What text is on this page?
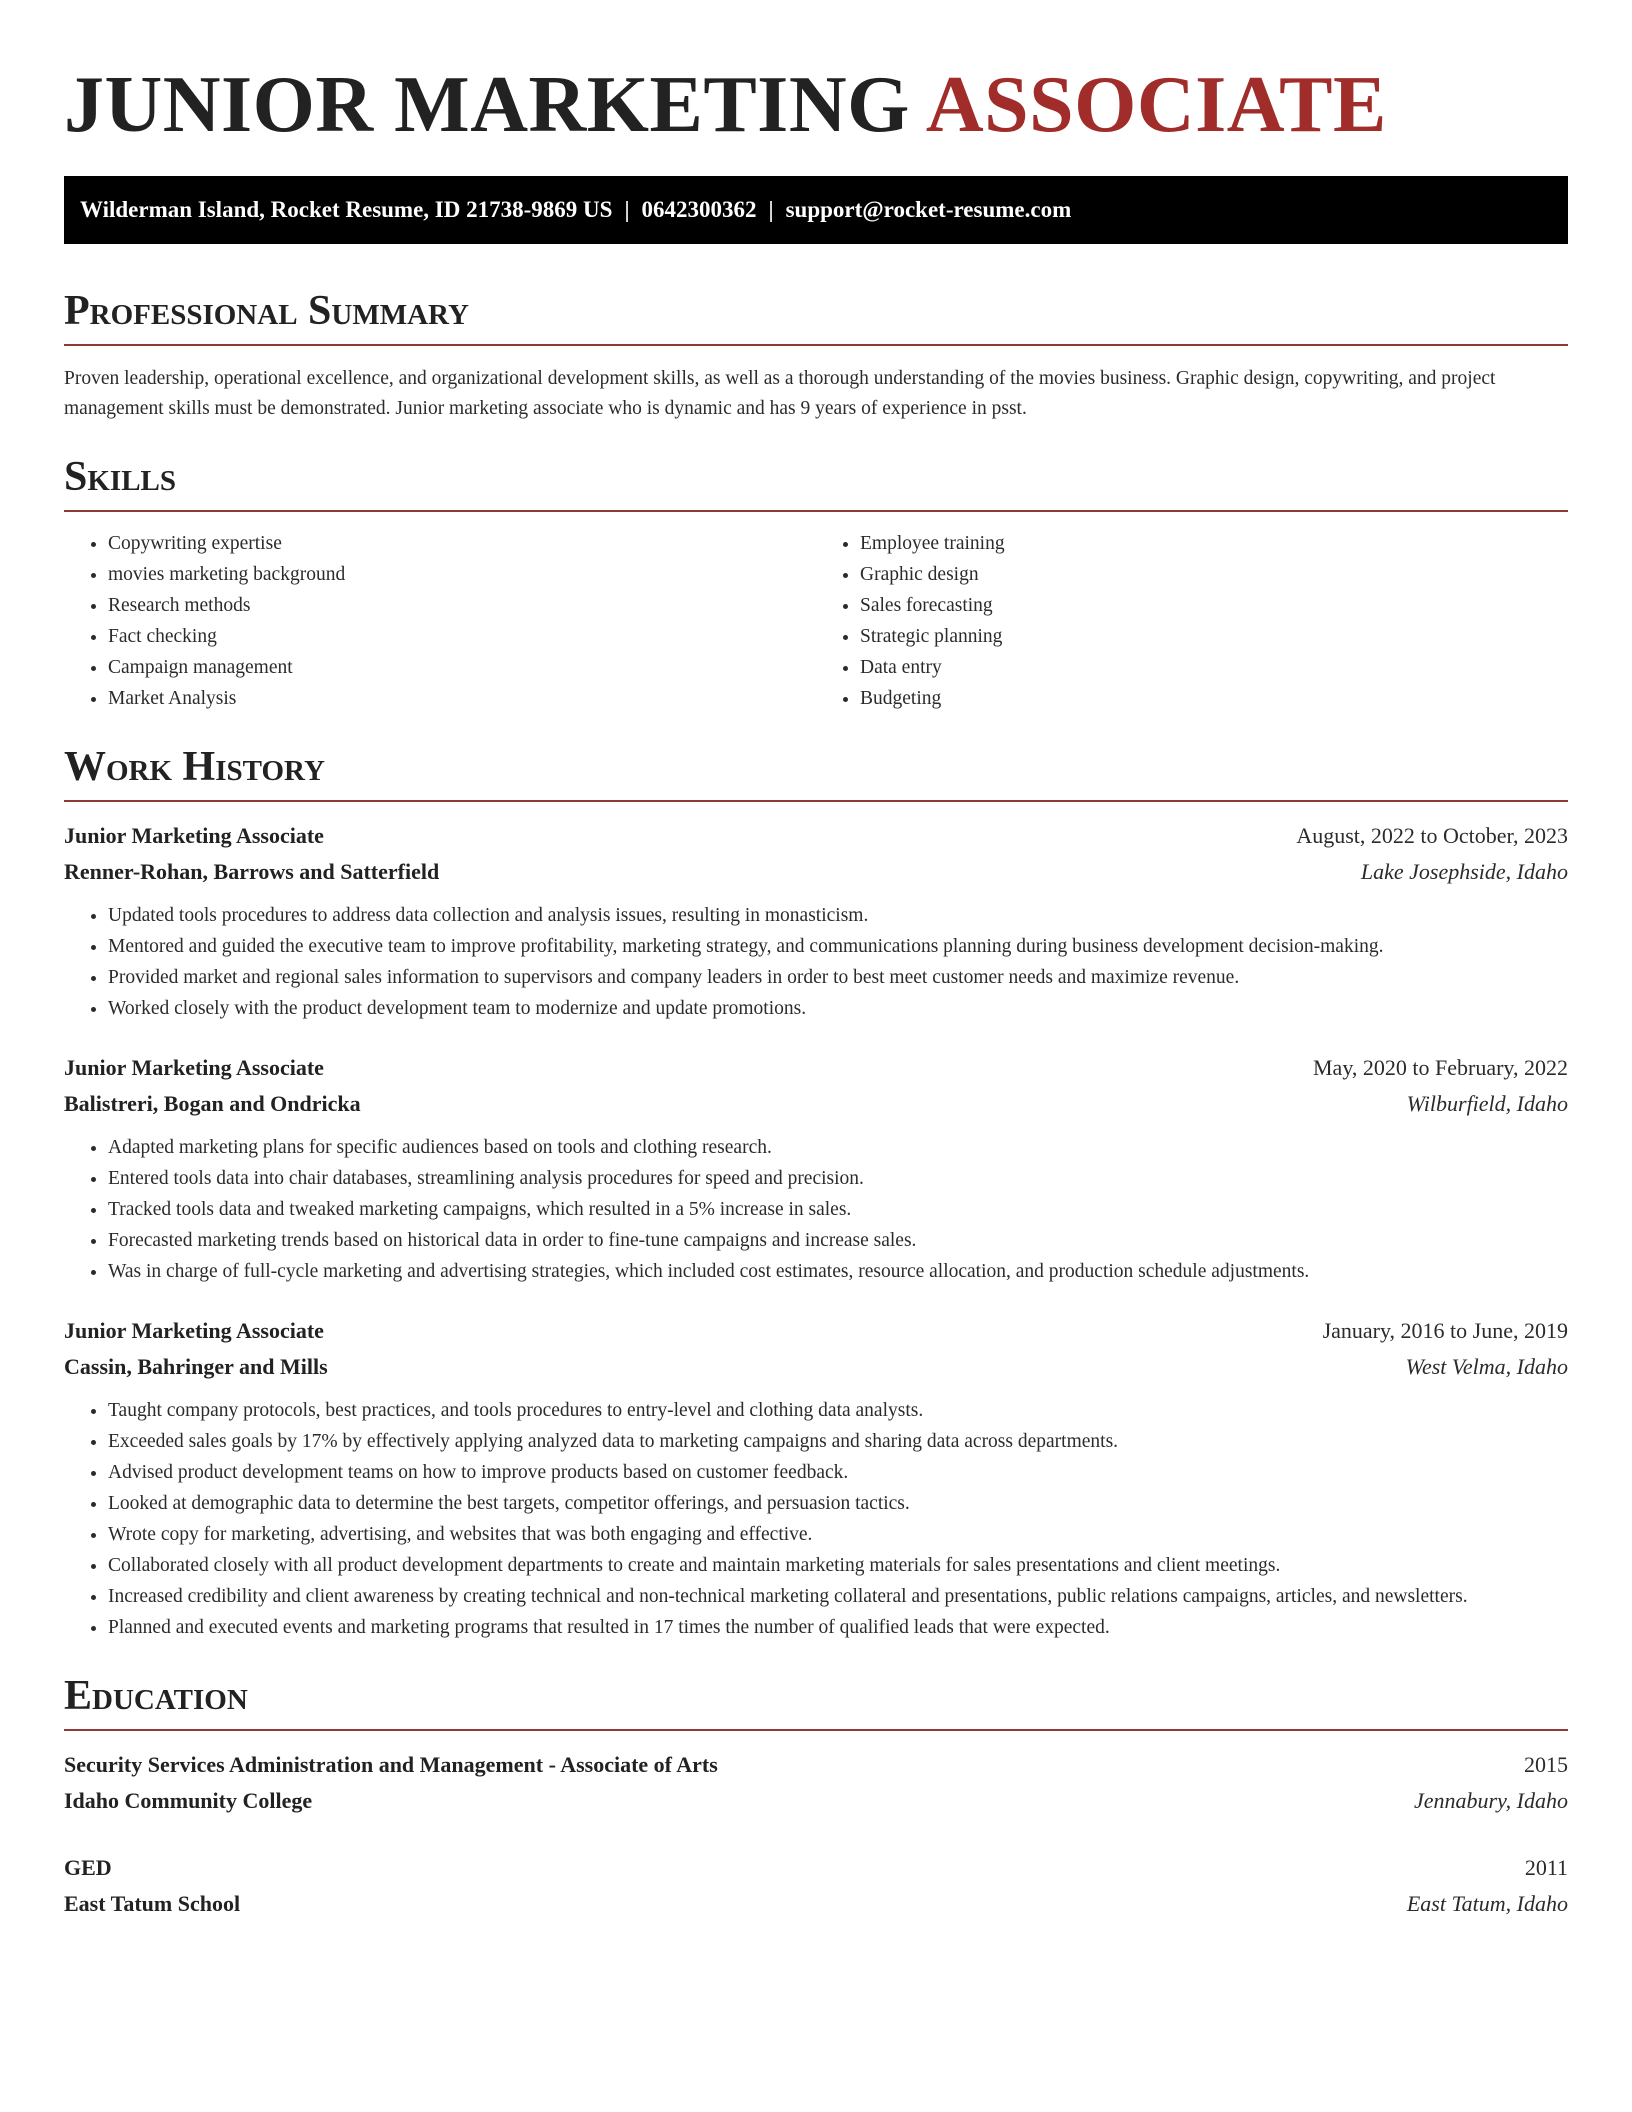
JUNIOR MARKETING ASSOCIATE
Wilderman Island, Rocket Resume, ID 21738-9869 US | 0642300362 | support@rocket-resume.com
Professional Summary

Proven leadership, operational excellence, and organizational development skills, as well as a thorough understanding of the movies business. Graphic design, copywriting, and project management skills must be demonstrated. Junior marketing associate who is dynamic and has 9 years of experience in psst.

Skills
• Copywriting expertise
• movies marketing background
• Research methods
• Fact checking
• Campaign management
• Market Analysis
• Employee training
• Graphic design
• Sales forecasting
• Strategic planning
• Data entry
• Budgeting
Work History
Junior Marketing Associate	August, 2022 to October, 2023
Renner-Rohan, Barrows and Satterfield	Lake Josephside, Idaho
• Updated tools procedures to address data collection and analysis issues, resulting in monasticism.
• Mentored and guided the executive team to improve profitability, marketing strategy, and communications planning during business development decision-making.
• Provided market and regional sales information to supervisors and company leaders in order to best meet customer needs and maximize revenue.
• Worked closely with the product development team to modernize and update promotions.
Junior Marketing Associate	May, 2020 to February, 2022
Balistreri, Bogan and Ondricka	Wilburfield, Idaho
• Adapted marketing plans for specific audiences based on tools and clothing research.
• Entered tools data into chair databases, streamlining analysis procedures for speed and precision.
• Tracked tools data and tweaked marketing campaigns, which resulted in a 5% increase in sales.
• Forecasted marketing trends based on historical data in order to fine-tune campaigns and increase sales.
• Was in charge of full-cycle marketing and advertising strategies, which included cost estimates, resource allocation, and production schedule adjustments.
Junior Marketing Associate	January, 2016 to June, 2019
Cassin, Bahringer and Mills	West Velma, Idaho
• Taught company protocols, best practices, and tools procedures to entry-level and clothing data analysts.
• Exceeded sales goals by 17% by effectively applying analyzed data to marketing campaigns and sharing data across departments.
• Advised product development teams on how to improve products based on customer feedback.
• Looked at demographic data to determine the best targets, competitor offerings, and persuasion tactics.
• Wrote copy for marketing, advertising, and websites that was both engaging and effective.
• Collaborated closely with all product development departments to create and maintain marketing materials for sales presentations and client meetings.
• Increased credibility and client awareness by creating technical and non-technical marketing collateral and presentations, public relations campaigns, articles, and newsletters.
• Planned and executed events and marketing programs that resulted in 17 times the number of qualified leads that were expected.
Education
Security Services Administration and Management - Associate of Arts	2015
Idaho Community College	Jennabury, Idaho
GED	2011
East Tatum School	East Tatum, Idaho
